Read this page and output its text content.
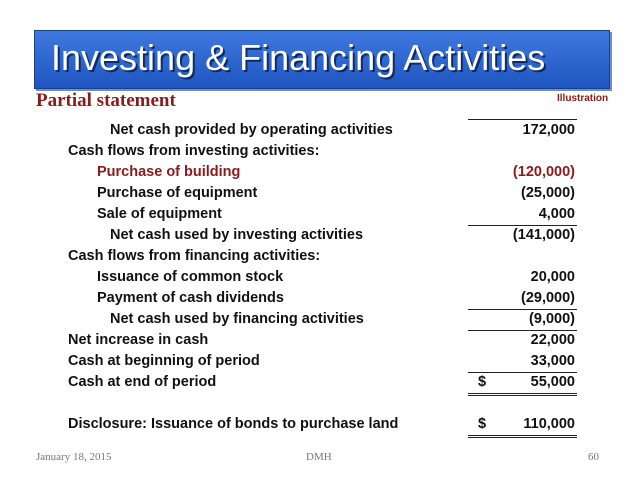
Investing & Financing Activities
Partial statement	Illustration
Net cash provided by operating activities	172,000
Cash flows from investing activities:
Purchase of building	(120,000)
Purchase of equipment	(25,000)
Sale of equipment	4,000
Net cash used by investing activities	(141,000)
Cash flows from financing activities:
Issuance of common stock	20,000
Payment of cash dividends	(29,000)
Net cash used by financing activities	(9,000)
Net increase in cash	22,000
Cash at beginning of period	33,000
Cash at end of period	$	55,000
Disclosure: Issuance of bonds to purchase land	$	110,000
January 18, 2015	DMH	60
